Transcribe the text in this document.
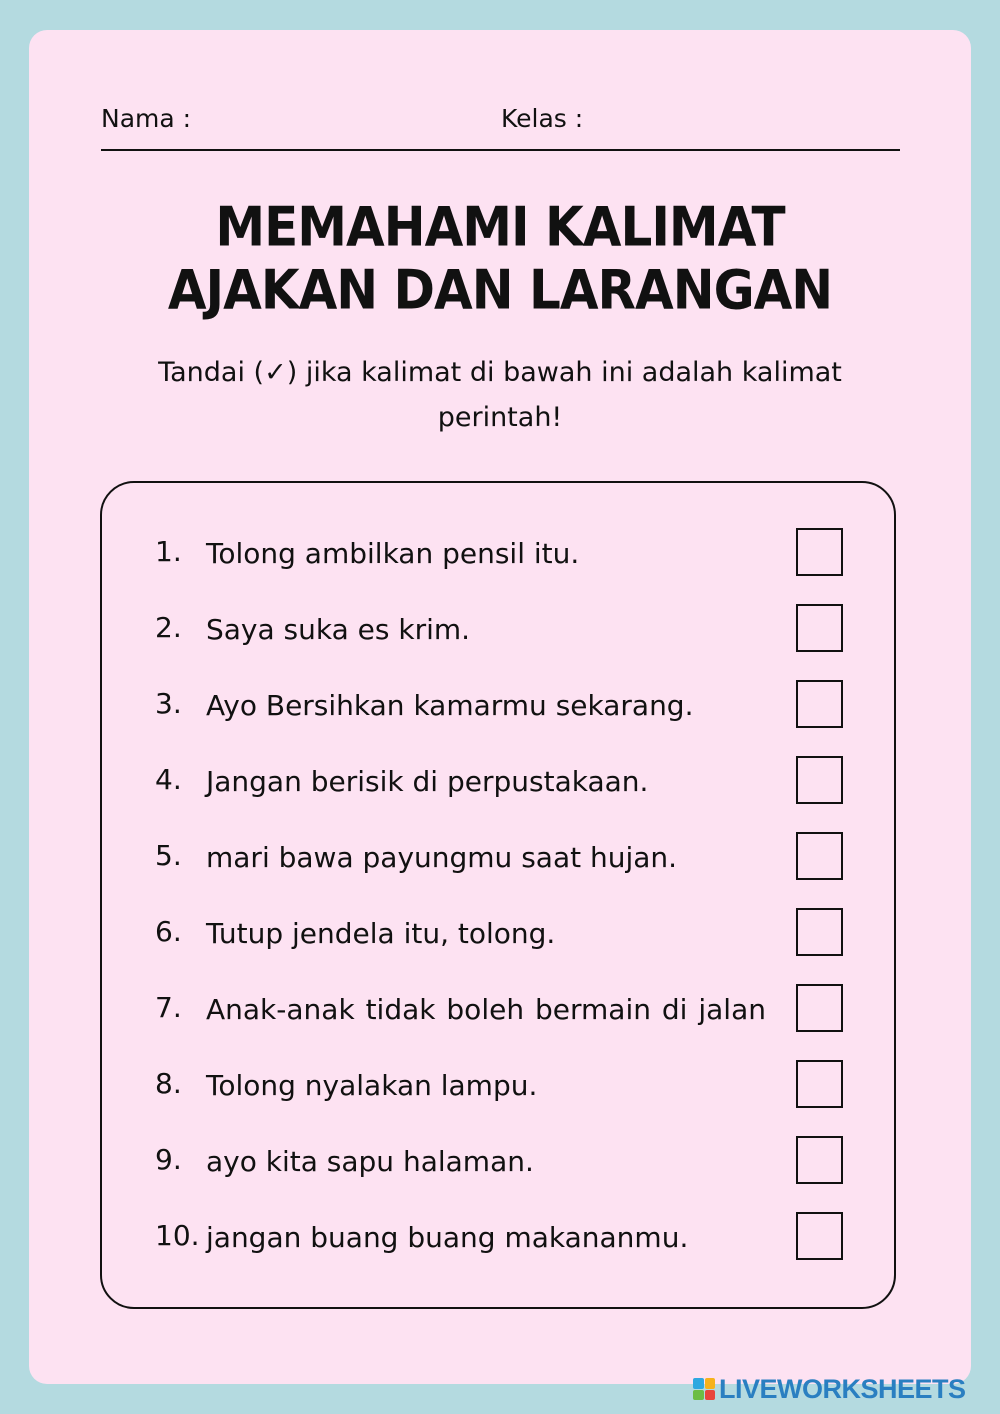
Nama :	Kelas :
MEMAHAMI KALIMAT
AJAKAN DAN LARANGAN

Tandai (✓) jika kalimat di bawah ini adalah kalimat perintah!

1. Tolong ambilkan pensil itu.
2. Saya suka es krim.
3. Ayo Bersihkan kamarmu sekarang.
4. Jangan berisik di perpustakaan.
5. mari bawa payungmu saat hujan.
6. Tutup jendela itu, tolong.
7. Anak-anak tidak boleh bermain di jalan
8. Tolong nyalakan lampu.
9. ayo kita sapu halaman.
10. jangan buang buang makananmu.
LIVEWORKSHEETS
